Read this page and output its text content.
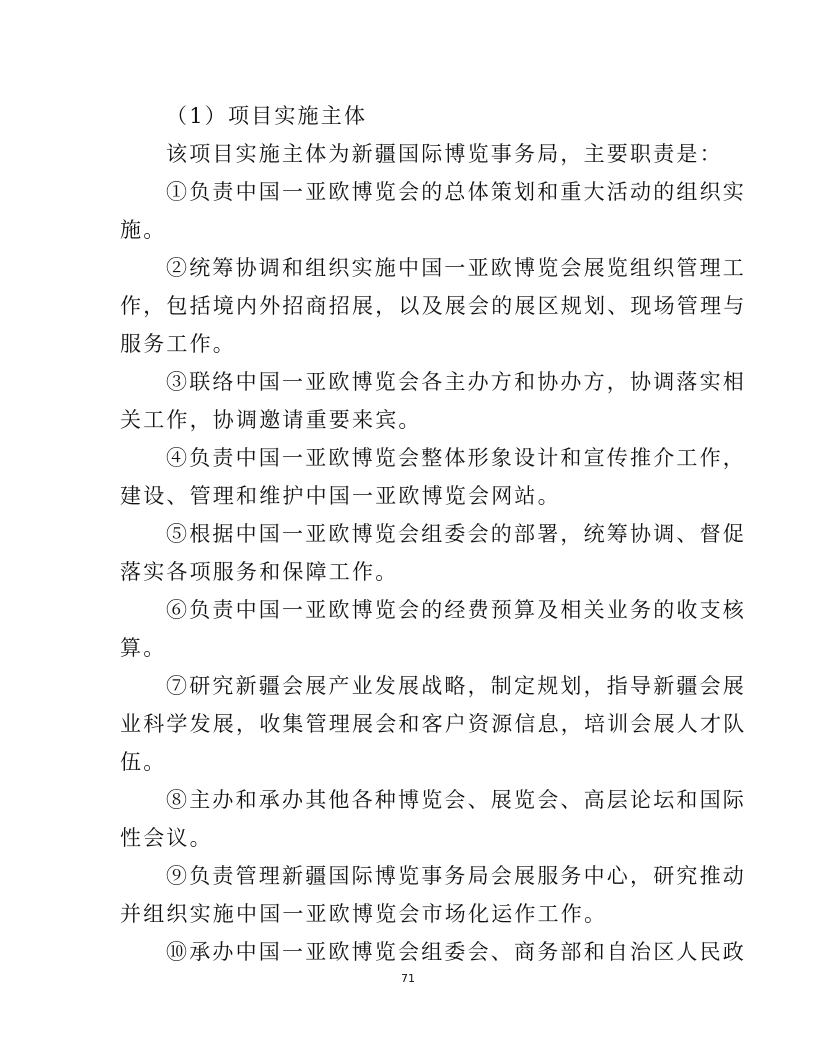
（1）项目实施主体
该项目实施主体为新疆国际博览事务局，主要职责是：
①负责中国一亚欧博览会的总体策划和重大活动的组织实
施。
②统筹协调和组织实施中国一亚欧博览会展览组织管理工
作，包括境内外招商招展，以及展会的展区规划、现场管理与
服务工作。
③联络中国一亚欧博览会各主办方和协办方，协调落实相
关工作，协调邀请重要来宾。
④负责中国一亚欧博览会整体形象设计和宣传推介工作，
建设、管理和维护中国一亚欧博览会网站。
⑤根据中国一亚欧博览会组委会的部署，统筹协调、督促
落实各项服务和保障工作。
⑥负责中国一亚欧博览会的经费预算及相关业务的收支核
算。
⑦研究新疆会展产业发展战略，制定规划，指导新疆会展
业科学发展，收集管理展会和客户资源信息，培训会展人才队
伍。
⑧主办和承办其他各种博览会、展览会、高层论坛和国际
性会议。
⑨负责管理新疆国际博览事务局会展服务中心，研究推动
并组织实施中国一亚欧博览会市场化运作工作。
⑩承办中国一亚欧博览会组委会、商务部和自治区人民政
71
